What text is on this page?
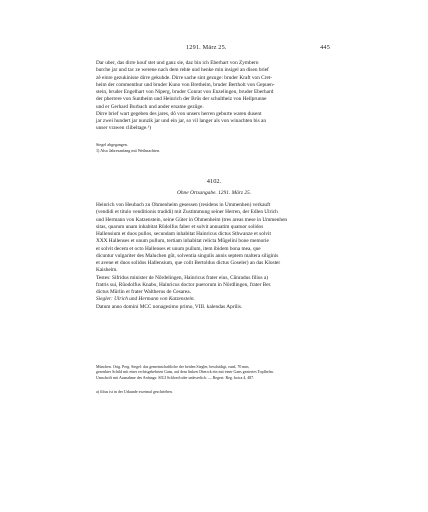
1291. März 25.	445

Dar uber, das dirre kouf stet und ganz sie, daz bin ich Eberhart von Zymbern

burche jar und tac ze werene nach dem rehte und henke min insigel an disen brief

zê einre gezukinisse dirre gekuhde. Dirre sache sint gezuge: bruder Kraft von Cret-

heim der commenthur und bruder Kuno von Bretheim, bruder Bertholt von Gepuen-

stein, bruder Engelhart von Niperg, bruder Conrat von Enzelingen, bruder Eberhard

der pherrere von Suntheim und Heinrich der Brûs der schultheiz von Heilprunne

und er Gerhard Burbach und ander ersame gezûge.

Dirre brief wart gegeben des jares, dô von unsers herren geburte waren dusent

jar zwei hundert jar nunzik jar und ein jar, so vil langer als von winachten bis an

unser vrawen clibeltage.¹)

Siegel abgegangen.

1) Also Jahresanfang mit Weihnachten.

4102.
Ohne Ortsangabe. 1291. März 25.

Heinrich von Heubach zu Ohmenheim gesessen (residens in Ummenhen) verkauft

(vendidi et titulo venditionis tradidi) mit Zustimmung seiner Herren, der Edlen Ulrich

und Hermann von Katzenstein, seine Güter in Ohmenheim (tres areas mese in Ummenhen

sitas, quarum unam inhabitat Rûdolfus faber et solvit annuatim quatuor solidos

Hallensium et duos pullos, secundam inhabitat Hainricus dictus Sthwanze et solvit

XXX Hallenses et unum pullum, tertiam inhabitat relicta Mûgelini bone memorie

et solvit decem et octo Hallenses et unum pullum, item ibidem bona mea, que

dicuntur vulgariter des Maluchen gût, solventia singulis annis septem maltera siliginis

et avene et duos solidos Hallensium, que colit Bertoldus dictus Goseler) an das Kloster

Kaisheim.

Testes: Sifridus minister de Nôrdelingen, Hainricus frater eius, Cûnradus filius a)

fratris sui, Rûodolfus Knabo, Hainricus doctor puerorum in Nôrdlingen, frater Ber.

dictus Mürlin et frater Waltherus de Cesarea.

Siegler: Ulrich und Hermann von Katzenstein.

Datum anno domini MCC nonagesimo primo, VIII. kalendas Aprilis.

München. Orig. Perg. Siegel: das gemeinschaftliche der beiden Siegler, beschädigt, rund, 70 mm,

gesenkter Schild mit einer rechtsgekehrten Gans, auf dem linken Oberrck ein mit einer Gans geziertes Topfhelm.

Umschrift mit Ausnahme des Anfangs: SIGI Schloed oder unleserlich. — Regest: Reg. boica 4, 487.

a) filius ist in der Urkunde zweimal geschrieben.
